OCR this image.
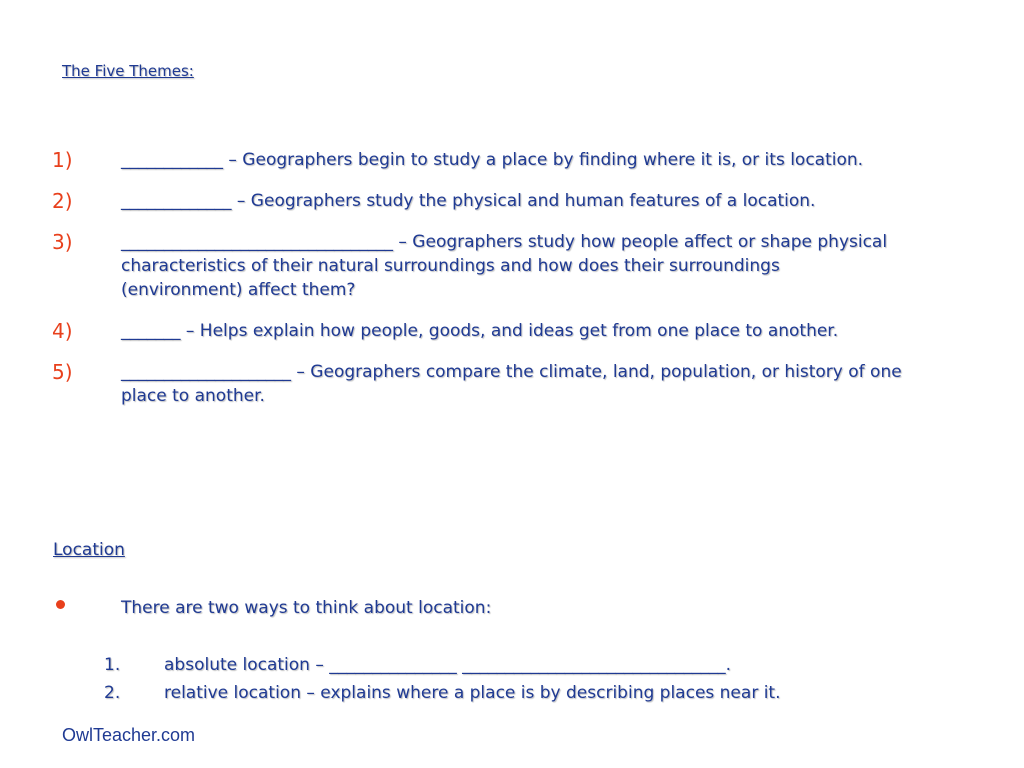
The Five Themes:
1)	____________ – Geographers begin to study a place by finding where it is, or its location.
2)	_____________ – Geographers study the physical and human features of a location.
3)	________________________________ – Geographers study how people affect or shape physical characteristics of their natural surroundings and how does their surroundings (environment) affect them?
4)	_______ – Helps explain how people, goods, and ideas get from one place to another.
5)	____________________ – Geographers compare the climate, land, population, or history of one place to another.
Location
There are two ways to think about location:
1.	absolute location – _______________ _______________________________.
2.	relative location – explains where a place is by describing places near it.
OwlTeacher.com
